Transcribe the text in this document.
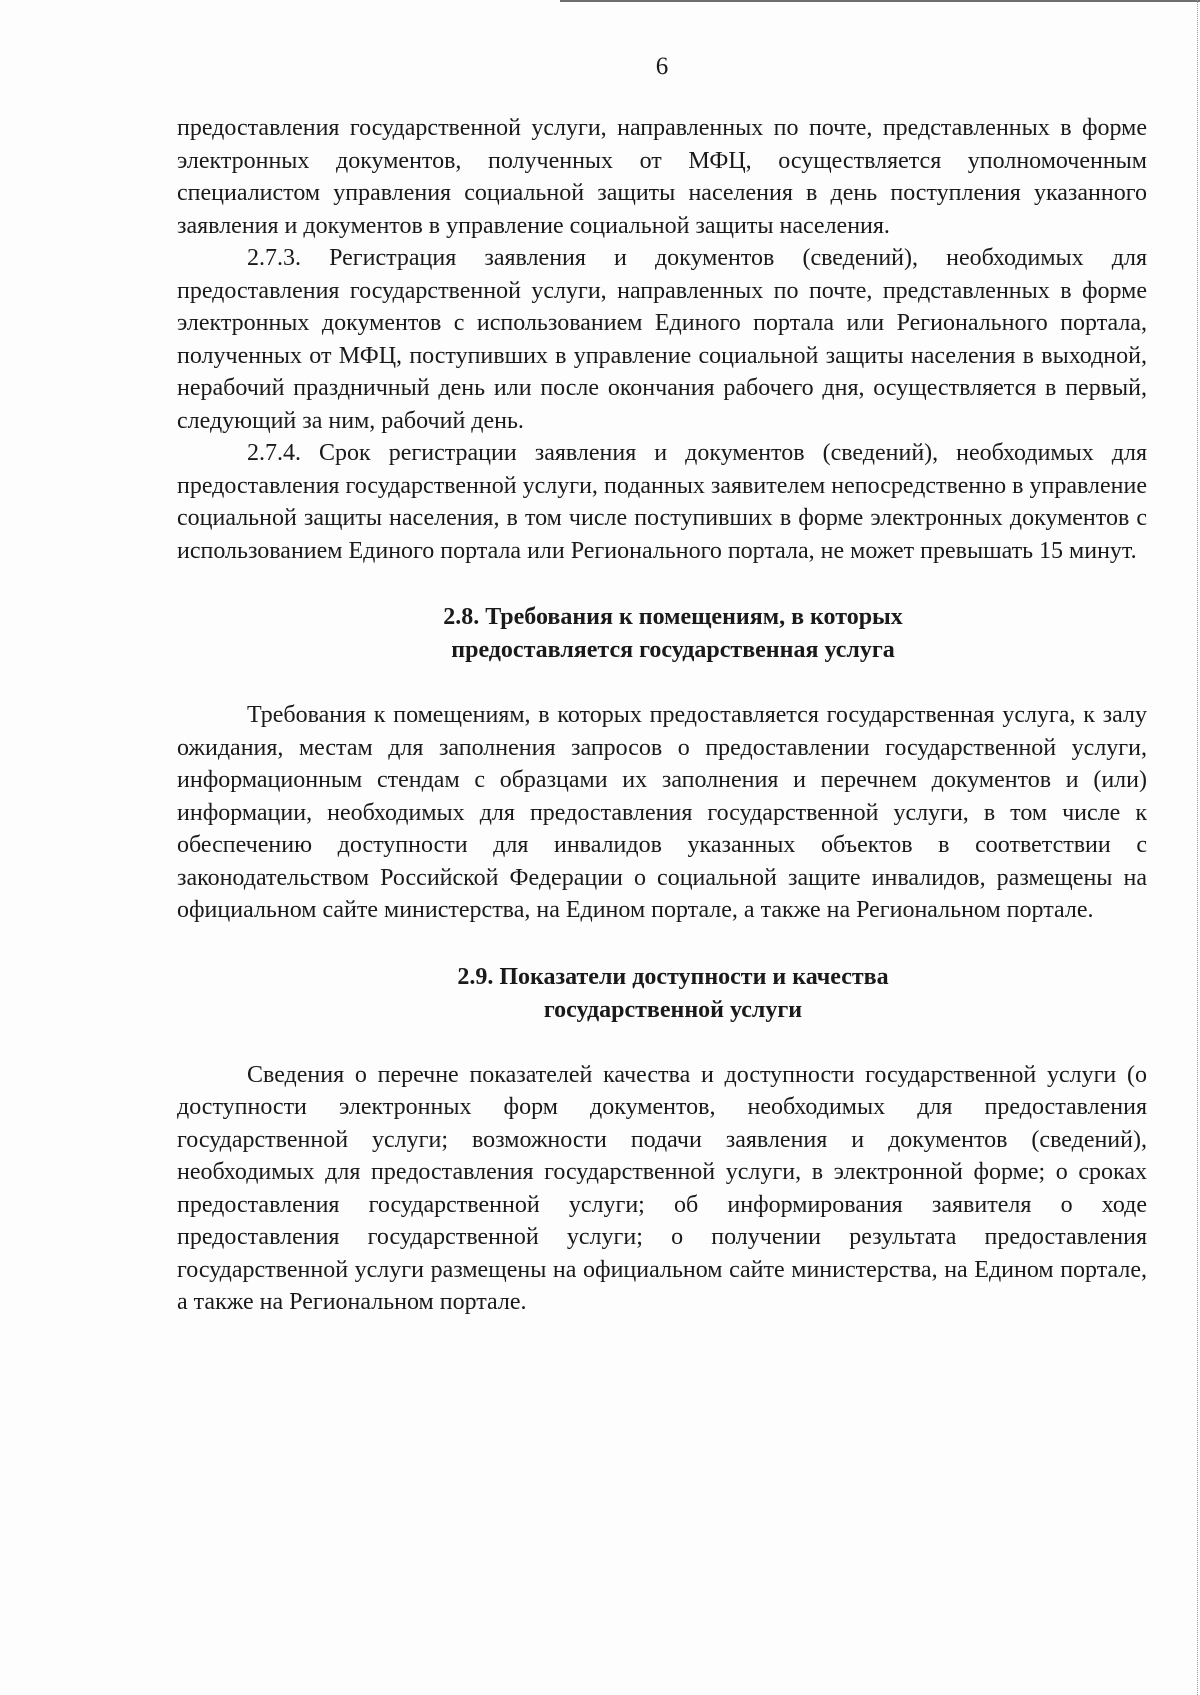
6

предоставления государственной услуги, направленных по почте, представленных в форме электронных документов, полученных от МФЦ, осуществляется уполномоченным специалистом управления социальной защиты населения в день поступления указанного заявления и документов в управление социальной защиты населения.

2.7.3. Регистрация заявления и документов (сведений), необходимых для предоставления государственной услуги, направленных по почте, представленных в форме электронных документов с использованием Единого портала или Регионального портала, полученных от МФЦ, поступивших в управление социальной защиты населения в выходной, нерабочий праздничный день или после окончания рабочего дня, осуществляется в первый, следующий за ним, рабочий день.

2.7.4. Срок регистрации заявления и документов (сведений), необходимых для предоставления государственной услуги, поданных заявителем непосредственно в управление социальной защиты населения, в том числе поступивших в форме электронных документов с использованием Единого портала или Регионального портала, не может превышать 15 минут.

2.8. Требования к помещениям, в которых

предоставляется государственная услуга

Требования к помещениям, в которых предоставляется государственная услуга, к залу ожидания, местам для заполнения запросов о предоставлении государственной услуги, информационным стендам с образцами их заполнения и перечнем документов и (или) информации, необходимых для предоставления государственной услуги, в том числе к обеспечению доступности для инвалидов указанных объектов в соответствии с законодательством Российской Федерации о социальной защите инвалидов, размещены на официальном сайте министерства, на Едином портале, а также на Региональном портале.

2.9. Показатели доступности и качества

государственной услуги

Сведения о перечне показателей качества и доступности государственной услуги (о доступности электронных форм документов, необходимых для предоставления государственной услуги; возможности подачи заявления и документов (сведений), необходимых для предоставления государственной услуги, в электронной форме; о сроках предоставления государственной услуги; об информирования заявителя о ходе предоставления государственной услуги; о получении результата предоставления государственной услуги размещены на официальном сайте министерства, на Едином портале, а также на Региональном портале.
